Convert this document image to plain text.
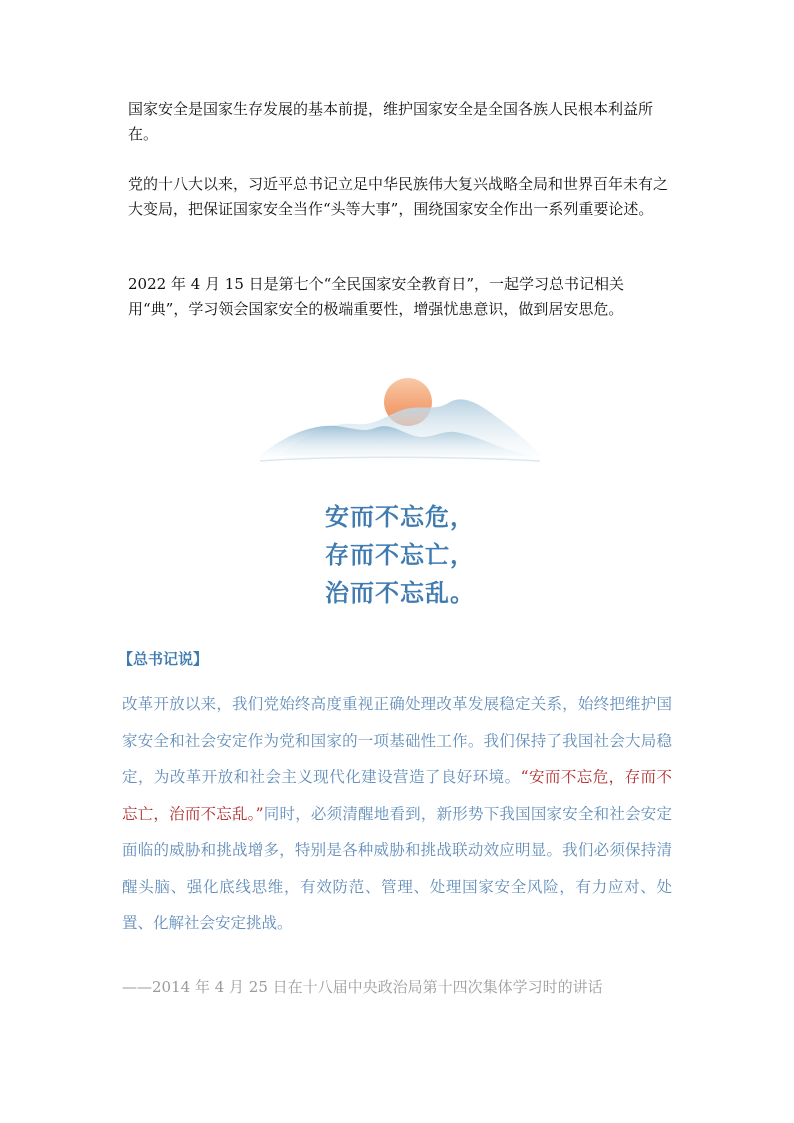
国家安全是国家生存发展的基本前提，维护国家安全是全国各族人民根本利益所在。

党的十八大以来，习近平总书记立足中华民族伟大复兴战略全局和世界百年未有之大变局，把保证国家安全当作“头等大事”，围绕国家安全作出一系列重要论述。

2022 年 4 月 15 日是第七个“全民国家安全教育日”，一起学习总书记相关用“典”，学习领会国家安全的极端重要性，增强忧患意识，做到居安思危。

安而不忘危，
存而不忘亡，
治而不忘乱。
【总书记说】

改革开放以来，我们党始终高度重视正确处理改革发展稳定关系，始终把维护国家安全和社会安定作为党和国家的一项基础性工作。我们保持了我国社会大局稳定，为改革开放和社会主义现代化建设营造了良好环境。“安而不忘危，存而不忘亡，治而不忘乱。”同时，必须清醒地看到，新形势下我国国家安全和社会安定面临的威胁和挑战增多，特别是各种威胁和挑战联动效应明显。我们必须保持清醒头脑、强化底线思维，有效防范、管理、处理国家安全风险，有力应对、处置、化解社会安定挑战。

——2014 年 4 月 25 日在十八届中央政治局第十四次集体学习时的讲话
